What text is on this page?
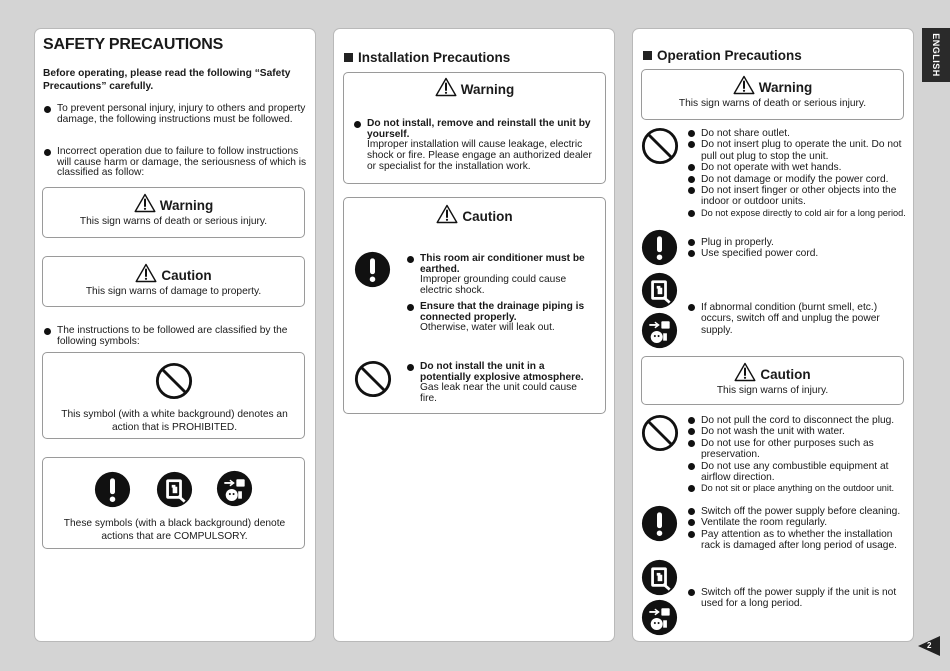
ENGLISH
2
SAFETY PRECAUTIONS
Before operating, please read the following “Safety Precautions” carefully.
To prevent personal injury, injury to others and property damage, the following instructions must be followed.
Incorrect operation due to failure to follow instructions will cause harm or damage, the seriousness of which is classified as follow:
Warning
This sign warns of death or serious injury.
Caution
This sign warns of damage to property.
The instructions to be followed are classified by the following symbols:
This symbol (with a white background) denotes an action that is PROHIBITED.
These symbols (with a black background) denote actions that are COMPULSORY.
Installation Precautions
Warning
Do not install, remove and reinstall the unit by yourself.
Improper installation will cause leakage, electric shock or fire. Please engage an authorized dealer or specialist for the installation work.
Caution
This room air conditioner must be earthed.
Improper grounding could cause electric shock.
Ensure that the drainage piping is connected properly.
Otherwise, water will leak out.
Do not install the unit in a potentially explosive atmosphere.
Gas leak near the unit could cause fire.
Operation Precautions
Warning
This sign warns of death or serious injury.
Do not share outlet.
Do not insert plug to operate the unit. Do not pull out plug to stop the unit.
Do not operate with wet hands.
Do not damage or modify the power cord.
Do not insert finger or other objects into the indoor or outdoor units.
Do not expose directly to cold air for a long period.
Plug in properly.
Use specified power cord.
If abnormal condition (burnt smell, etc.) occurs, switch off and unplug the power supply.
Caution
This sign warns of injury.
Do not pull the cord to disconnect the plug.
Do not wash the unit with water.
Do not use for other purposes such as preservation.
Do not use any combustible equipment at airflow direction.
Do not sit or place anything on the outdoor unit.
Switch off the power supply before cleaning.
Ventilate the room regularly.
Pay attention as to whether the installation rack is damaged after long period of usage.
Switch off the power supply if the unit is not used for a long period.
